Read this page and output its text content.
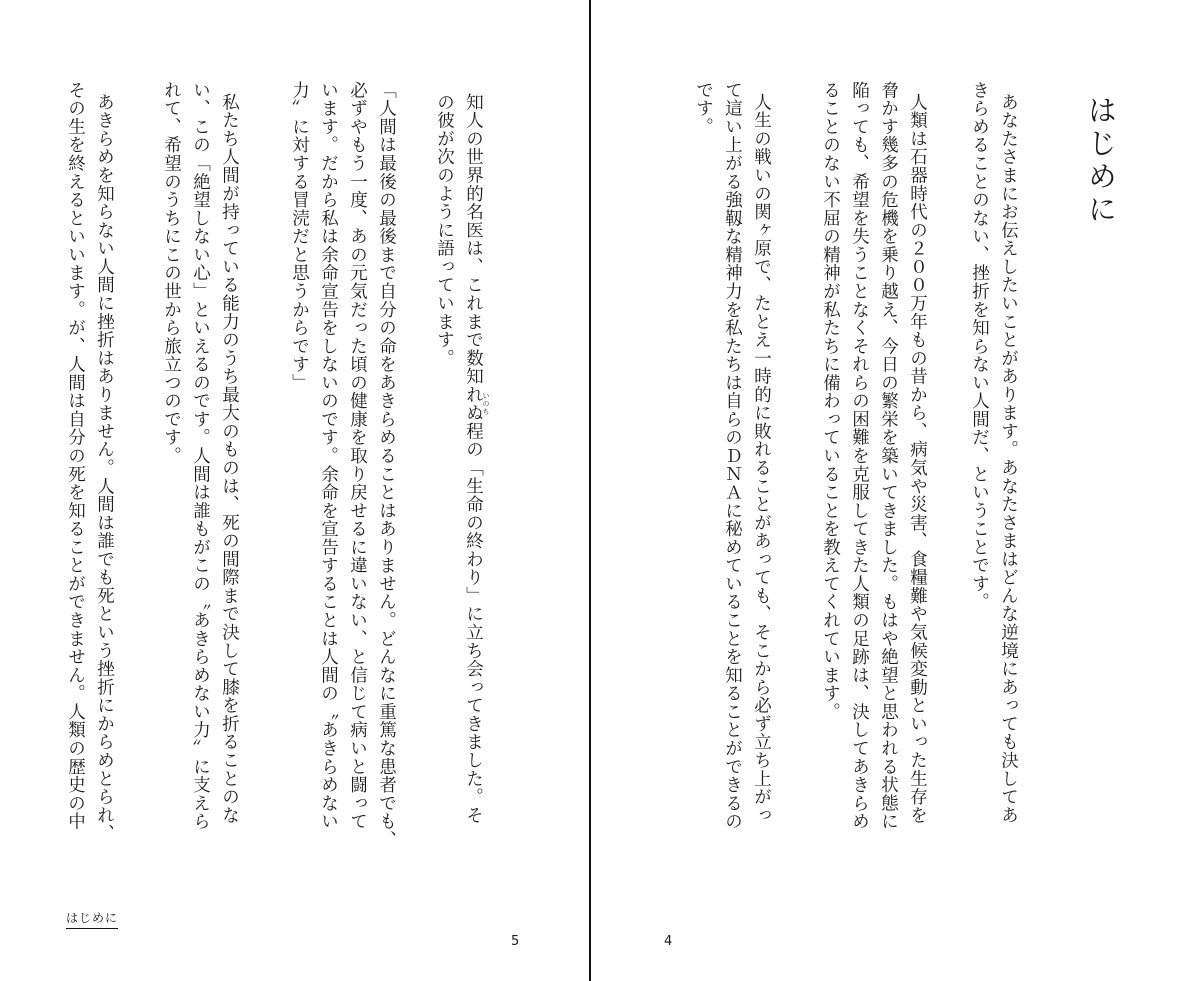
知人の世界的名医は、これまで数知れぬ程の「生命の終わり」に立ち会ってきました。そ
の彼が次のように語っています。
いのち
「人間は最後の最後まで自分の命をあきらめることはありません。どんなに重篤な患者でも、
必ずやもう一度、あの元気だった頃の健康を取り戻せるに違いない、と信じて病いと闘って
います。だから私は余命宣告をしないのです。余命を宣告することは人間の〝あきらめない
力〟に対する冒涜だと思うからです」
私たち人間が持っている能力のうち最大のものは、死の間際まで決して膝を折ることのな
い、この「絶望しない心」といえるのです。人間は誰もがこの〝あきらめない力〟に支えら
れて、希望のうちにこの世から旅立つのです。
あきらめを知らない人間に挫折はありません。人間は誰でも死という挫折にからめとられ、
その生を終えるといいます。が、人間は自分の死を知ることができません。人類の歴史の中
はじめに
5
はじめに
あなたさまにお伝えしたいことがあります。あなたさまはどんな逆境にあっても決してあ
きらめることのない、挫折を知らない人間だ、ということです。
人類は石器時代の２００万年もの昔から、病気や災害、食糧難や気候変動といった生存を
脅かす幾多の危機を乗り越え、今日の繁栄を築いてきました。もはや絶望と思われる状態に
陥っても、希望を失うことなくそれらの困難を克服してきた人類の足跡は、決してあきらめ
ることのない不屈の精神が私たちに備わっていることを教えてくれています。
人生の戦いの関ヶ原で、たとえ一時的に敗れることがあっても、そこから必ず立ち上がっ
て這い上がる強靱な精神力を私たちは自らのＤＮＡに秘めていることを知ることができるの
です。
4
